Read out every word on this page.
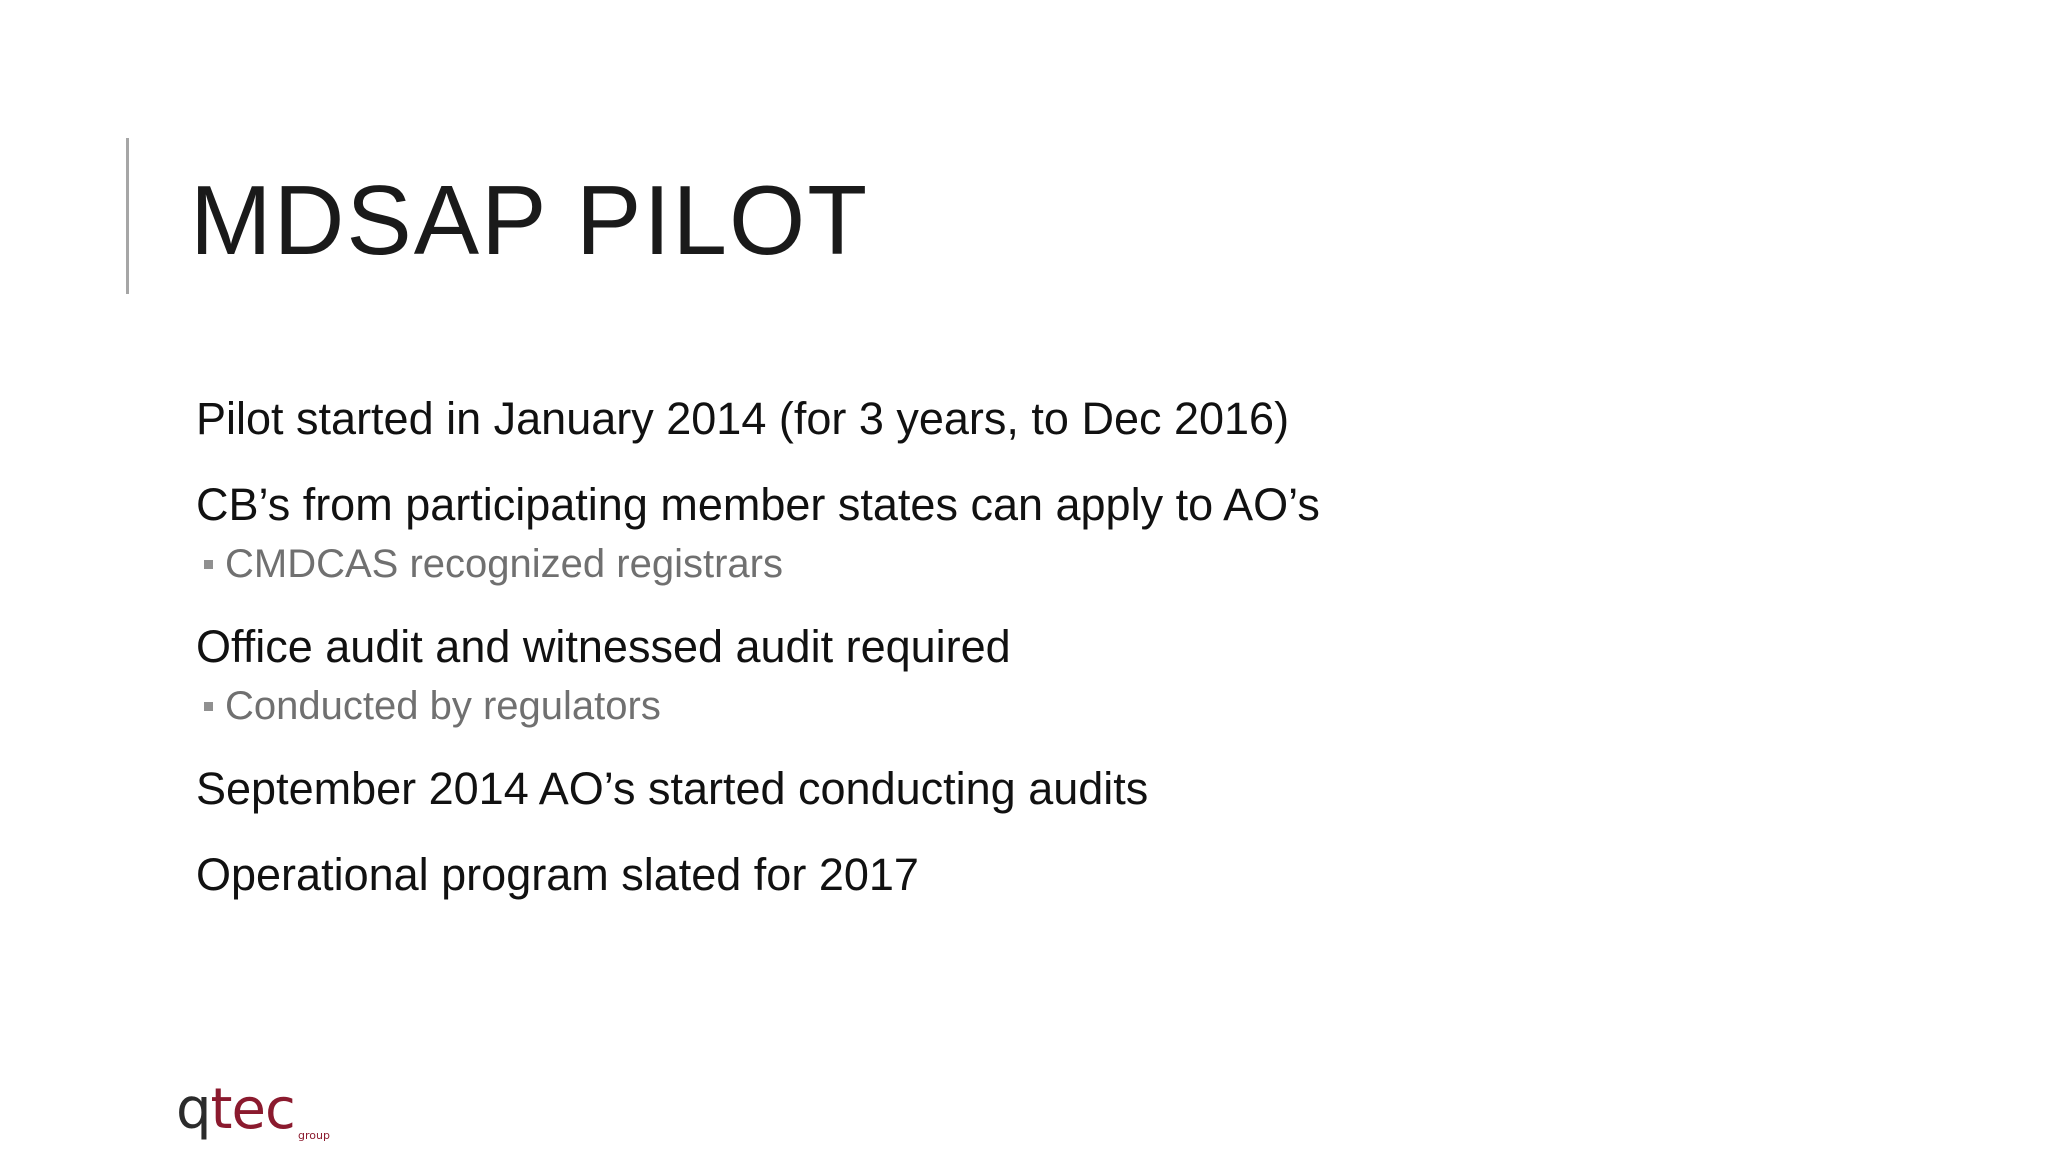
MDSAP PILOT
Pilot started in January 2014 (for 3 years, to Dec 2016)
CB’s from participating member states can apply to AO’s
CMDCAS recognized registrars
Office audit and witnessed audit required
Conducted by regulators
September 2014 AO’s started conducting audits
Operational program slated for 2017
qtec group
